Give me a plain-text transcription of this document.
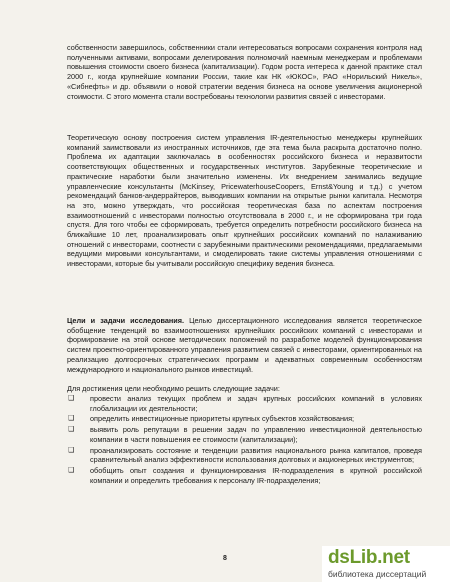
собственности завершилось, собственники стали интересоваться вопросами сохранения контроля над полученными активами, вопросами делегирования полномочий наемным менеджерам и проблемами повышения стоимости своего бизнеса (капитализации). Годом роста интереса к данной практике стал 2000 г., когда крупнейшие компании России, такие как НК «ЮКОС», РАО «Норильский Никель», «Сибнефть» и др. объявили о новой стратегии ведения бизнеса на основе увеличения акционерной стоимости. С этого момента стали востребованы технологии развития связей с инвесторами.

Теоретическую основу построения систем управления IR-деятельностью менеджеры крупнейших компаний заимствовали из иностранных источников, где эта тема была раскрыта достаточно полно. Проблема их адаптации заключалась в особенностях российского бизнеса и неразвитости соответствующих общественных и государственных институтов. Зарубежные теоретические и практические наработки были значительно изменены. Их внедрением занимались ведущие управленческие консультанты (McKinsey, PricewaterhouseCoopers, Ernst&Young и т.д.) с учетом рекомендаций банков-андеррайтеров, выводивших компании на открытые рынки капитала. Несмотря на это, можно утверждать, что российская теоретическая база по аспектам построения взаимоотношений с инвесторами полностью отсутствовала в 2000 г., и не сформирована три года спустя. Для того чтобы ее сформировать, требуется определить потребности российского бизнеса на ближайшие 10 лет, проанализировать опыт крупнейших российских компаний по налаживанию отношений с инвесторами, соотнести с зарубежными практическими рекомендациями, предлагаемыми ведущими мировыми консультантами, и смоделировать такие системы управления отношениями с инвесторами, которые бы учитывали российскую специфику ведения бизнеса.

Цели и задачи исследования. Целью диссертационного исследования является теоретическое обобщение тенденций во взаимоотношениях крупнейших российских компаний с инвесторами и формирование на этой основе методических положений по разработке моделей функционирования систем проектно-ориентированного управления развитием связей с инвесторами, ориентированных на реализацию долгосрочных стратегических программ и адекватных современным особенностям международного и национального рынков инвестиций.

Для достижения цели необходимо решить следующие задачи:

❑ провести анализ текущих проблем и задач крупных российских компаний в условиях глобализации их деятельности;
❑ определить инвестиционные приоритеты крупных субъектов хозяйствования;
❑ выявить роль репутации в решении задач по управлению инвестиционной деятельностью компании в части повышения ее стоимости (капитализации);
❑ проанализировать состояние и тенденции развития национального рынка капиталов, проведя сравнительный анализ эффективности использования долговых и акционерных инструментов;
❑ обобщить опыт создания и функционирования IR-подразделения в крупной российской компании и определить требования к персоналу IR-подразделения;
8	dsLib.net
библиотека диссертаций
